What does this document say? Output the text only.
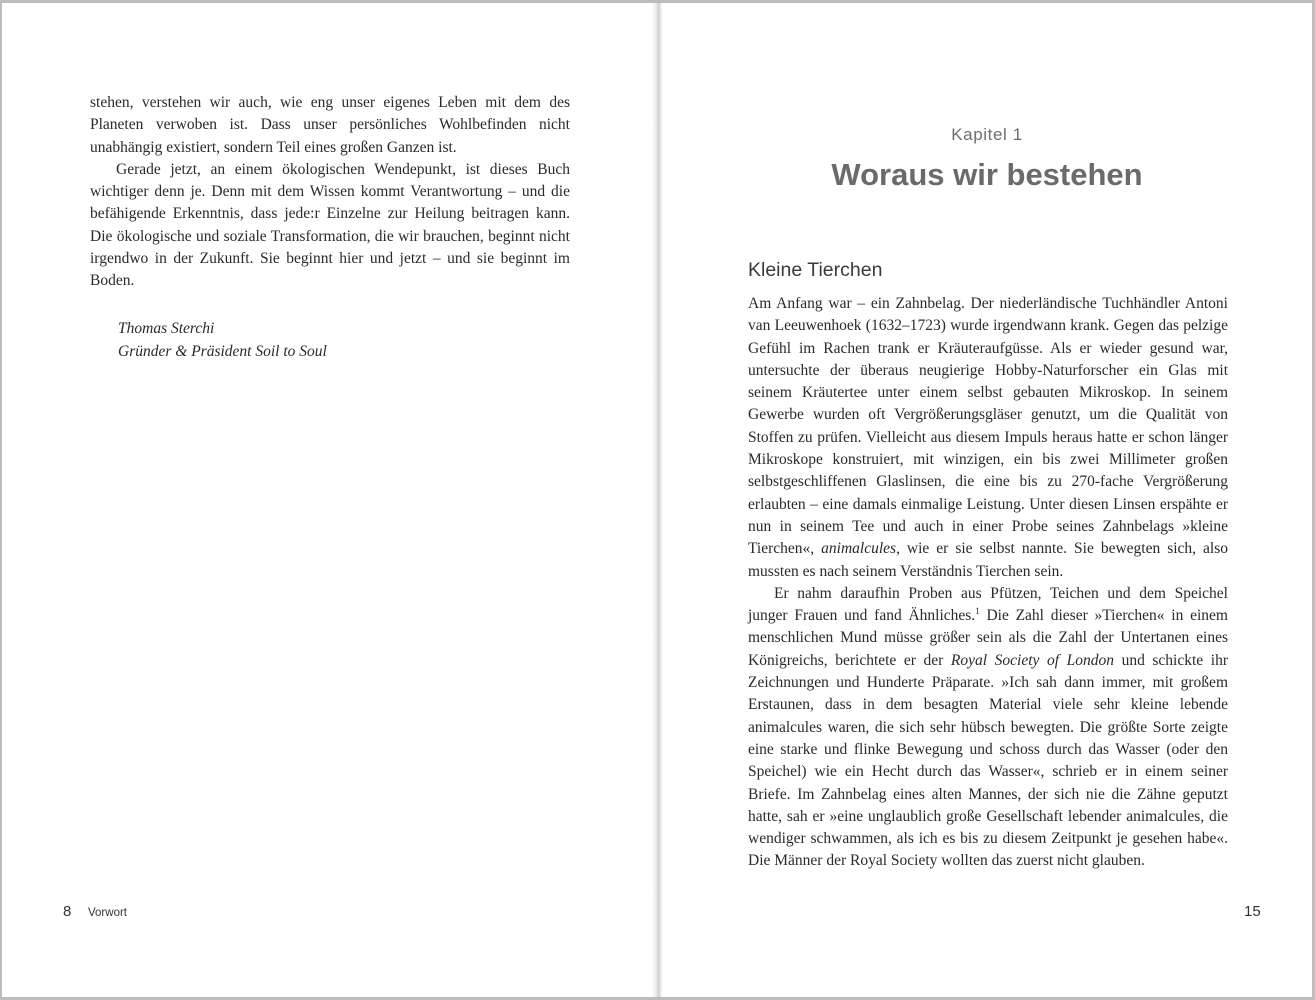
stehen, verstehen wir auch, wie eng unser eigenes Leben mit dem des Planeten verwoben ist. Dass unser persönliches Wohlbefinden nicht unabhängig existiert, sondern Teil eines großen Ganzen ist.

Gerade jetzt, an einem ökologischen Wendepunkt, ist dieses Buch wichtiger denn je. Denn mit dem Wissen kommt Verantwortung – und die befähigende Erkenntnis, dass jede:r Einzelne zur Heilung beitragen kann. Die ökologische und soziale Transformation, die wir brauchen, beginnt nicht irgendwo in der Zukunft. Sie beginnt hier und jetzt – und sie beginnt im Boden.

Thomas Sterchi
Gründer & Präsident Soil to Soul
8 Vorwort
Kapitel 1
Woraus wir bestehen
Kleine Tierchen

Am Anfang war – ein Zahnbelag. Der niederländische Tuchhändler Antoni van Leeuwenhoek (1632–1723) wurde irgendwann krank. Gegen das pelzige Gefühl im Rachen trank er Kräuteraufgüsse. Als er wieder gesund war, untersuchte der überaus neugierige Hobby-Naturforscher ein Glas mit seinem Kräutertee unter einem selbst gebauten Mikroskop. In seinem Gewerbe wurden oft Vergrößerungsgläser genutzt, um die Qualität von Stoffen zu prüfen. Vielleicht aus diesem Impuls heraus hatte er schon länger Mikroskope konstruiert, mit winzigen, ein bis zwei Millimeter großen selbstgeschliffenen Glaslinsen, die eine bis zu 270-fache Vergrößerung erlaubten – eine damals einmalige Leistung. Unter diesen Linsen erspähte er nun in seinem Tee und auch in einer Probe seines Zahnbelags »kleine Tierchen«, animalcules, wie er sie selbst nannte. Sie bewegten sich, also mussten es nach seinem Verständnis Tierchen sein.

Er nahm daraufhin Proben aus Pfützen, Teichen und dem Speichel junger Frauen und fand Ähnliches.$^1$ Die Zahl dieser »Tierchen« in einem menschlichen Mund müsse größer sein als die Zahl der Untertanen eines Königreichs, berichtete er der Royal Society of London und schickte ihr Zeichnungen und Hunderte Präparate. »Ich sah dann immer, mit großem Erstaunen, dass in dem besagten Material viele sehr kleine lebende animalcules waren, die sich sehr hübsch bewegten. Die größte Sorte zeigte eine starke und flinke Bewegung und schoss durch das Wasser (oder den Speichel) wie ein Hecht durch das Wasser«, schrieb er in einem seiner Briefe. Im Zahnbelag eines alten Mannes, der sich nie die Zähne geputzt hatte, sah er »eine unglaublich große Gesellschaft lebender animalcules, die wendiger schwammen, als ich es bis zu diesem Zeitpunkt je gesehen habe«. Die Männer der Royal Society wollten das zuerst nicht glauben.

15
